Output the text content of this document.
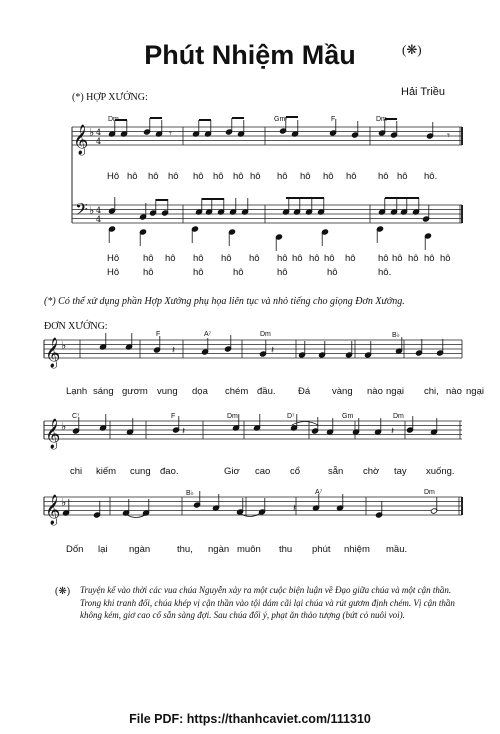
Phút Nhiệm Mầu	(❋)
Hải Triều
(*) HỢP XƯỚNG:
𝄞
𝄢
♭
♭
4
4
4
4
𝄾	𝄾
𝄞 ♭
𝄞 ♭
𝄞 ♭
𝄽	𝄽
𝄽	𝄽
𝄽
Dm	Gm⁷	F	Dm
Hô hô hô hô hô hô hô hô hô hô hô hô hô hô hô.
Hô	hô hô hô hô hô hô hô hô hô hô hô hô hô hô hô
Hô	hô	hô	hô	hô	hô	hô.
(*) Có thể xử dụng phần Hợp Xướng phụ họa liên tục và nhỏ tiếng cho giọng Đơn Xướng.
ĐƠN XƯỚNG:
F	A⁷	Dm	B♭
C⁷	F	Dm	D⁷	Gm	Dm
B♭	A⁷	Dm
Lạnh sáng gươm vung dọa chém đầu. Đá vàng nào ngại chi, nào ngại
chi kiếm cung đao.	Giơ cao cổ	sẵn chờ tay xuống.
Dốn lại ngàn	thu, ngàn muôn thu phút nhiệm mầu.
(❋) Truyện kể vào thời các vua chúa Nguyễn xảy ra một cuộc biện luận về Đạo giữa chúa và một cận thần. Trong khi tranh đổi, chúa khép vị cận thần vào tội dám cãi lại chúa và rút gươm định chém. Vị cận thần không kém, giơ cao cổ sẵn sàng đợi. Sau chúa đổi ý, phạt ăn thảo tượng (bứt cỏ nuôi voi).
File PDF: https://thanhcaviet.com/111310
